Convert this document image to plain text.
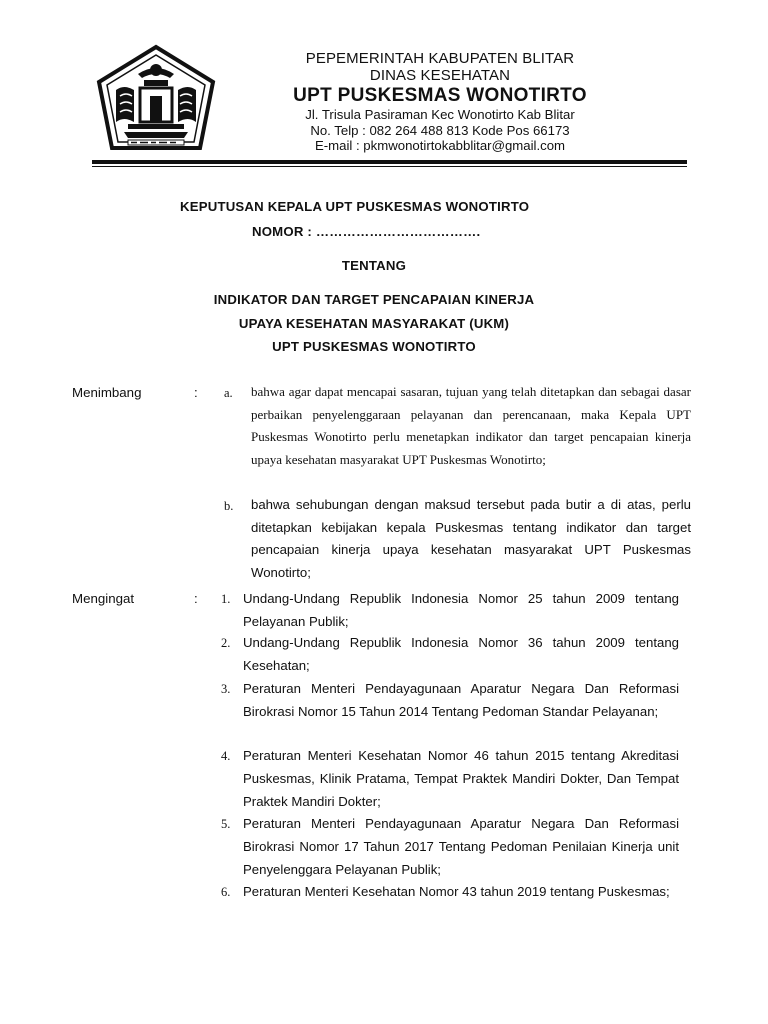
PEPEMERINTAH KABUPATEN BLITAR
DINAS KESEHATAN
UPT PUSKESMAS WONOTIRTO
Jl. Trisula Pasiraman Kec Wonotirto Kab Blitar
No. Telp : 082 264 488 813 Kode Pos 66173
E-mail : pkmwonotirtokabblitar@gmail.com
KEPUTUSAN KEPALA UPT PUSKESMAS WONOTIRTO
NOMOR : ……………………………….
TENTANG
INDIKATOR DAN TARGET PENCAPAIAN KINERJA
UPAYA KESEHATAN MASYARAKAT (UKM)
UPT PUSKESMAS WONOTIRTO
Menimbang	: a. bahwa agar dapat mencapai sasaran, tujuan yang telah ditetapkan dan sebagai dasar perbaikan penyelenggaraan pelayanan dan perencanaan, maka Kepala UPT Puskesmas Wonotirto perlu menetapkan indikator dan target pencapaian kinerja upaya kesehatan masyarakat UPT Puskesmas Wonotirto;
b. bahwa sehubungan dengan maksud tersebut pada butir a di atas, perlu ditetapkan kebijakan kepala Puskesmas tentang indikator dan target pencapaian kinerja upaya kesehatan masyarakat UPT Puskesmas Wonotirto;
Mengingat	: 1. Undang-Undang Republik Indonesia Nomor 25 tahun 2009 tentang Pelayanan Publik;
2. Undang-Undang Republik Indonesia Nomor 36 tahun 2009 tentang Kesehatan;
3. Peraturan Menteri Pendayagunaan Aparatur Negara Dan Reformasi Birokrasi Nomor 15 Tahun 2014 Tentang Pedoman Standar Pelayanan;
4. Peraturan Menteri Kesehatan Nomor 46 tahun 2015 tentang Akreditasi Puskesmas, Klinik Pratama, Tempat Praktek Mandiri Dokter, Dan Tempat Praktek Mandiri Dokter;
5. Peraturan Menteri Pendayagunaan Aparatur Negara Dan Reformasi Birokrasi Nomor 17 Tahun 2017 Tentang Pedoman Penilaian Kinerja unit Penyelenggara Pelayanan Publik;
6. Peraturan Menteri Kesehatan Nomor 43 tahun 2019 tentang Puskesmas;
